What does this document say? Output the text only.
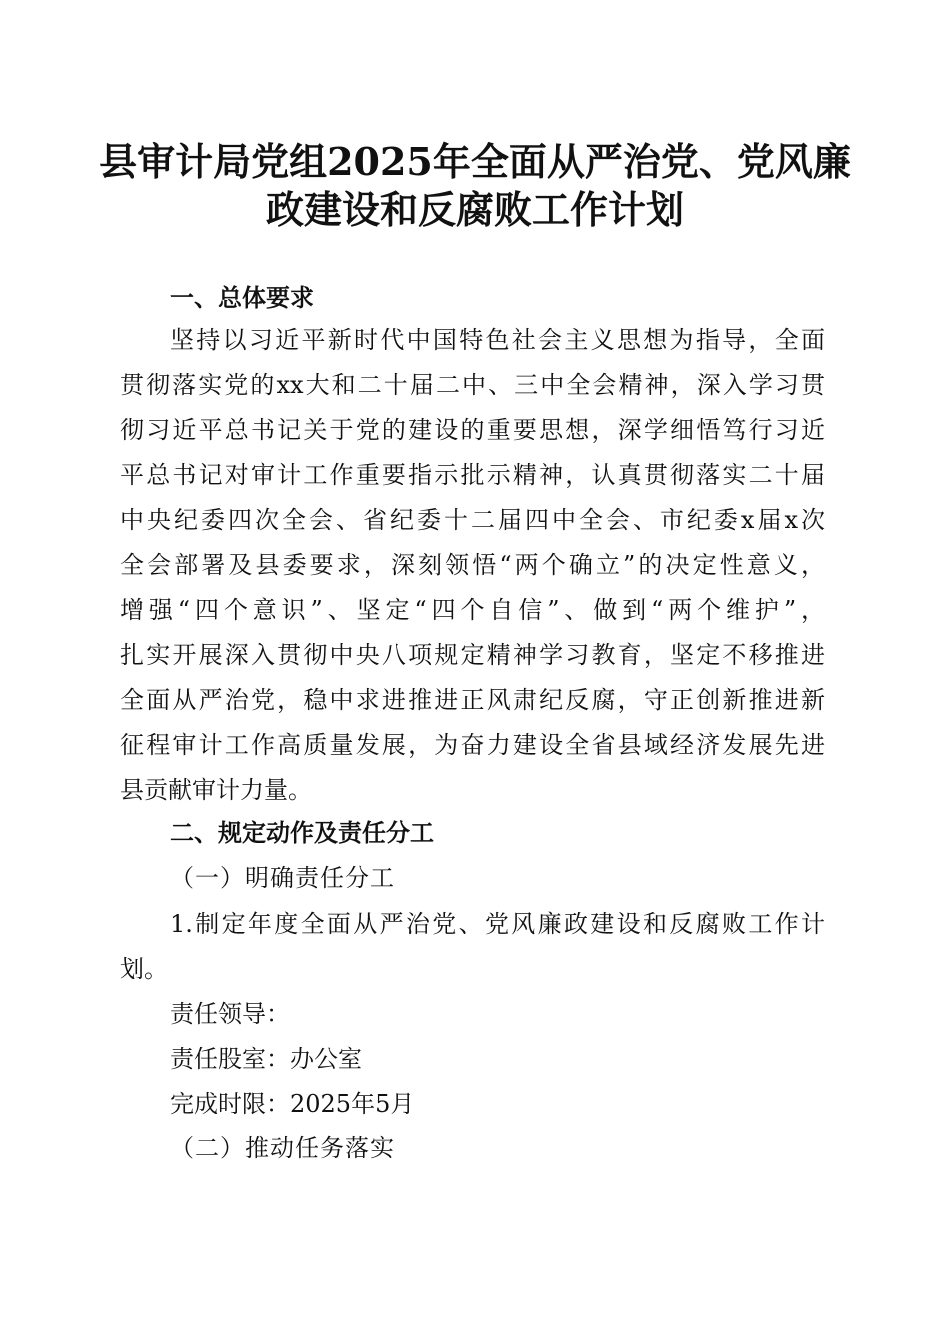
县审计局党组2025年全面从严治党、党风廉
政建设和反腐败工作计划
一、总体要求
坚持以习近平新时代中国特色社会主义思想为指导，全面
贯彻落实党的xx大和二十届二中、三中全会精神，深入学习贯
彻习近平总书记关于党的建设的重要思想，深学细悟笃行习近
平总书记对审计工作重要指示批示精神，认真贯彻落实二十届
中央纪委四次全会、省纪委十二届四中全会、市纪委x届x次
全会部署及县委要求，深刻领悟“两个确立”的决定性意义，
增强“四个意识”、坚定“四个自信”、做到“两个维护”，
扎实开展深入贯彻中央八项规定精神学习教育，坚定不移推进
全面从严治党，稳中求进推进正风肃纪反腐，守正创新推进新
征程审计工作高质量发展，为奋力建设全省县域经济发展先进
县贡献审计力量。
二、规定动作及责任分工
（一）明确责任分工
1.制定年度全面从严治党、党风廉政建设和反腐败工作计
划。
责任领导：
责任股室：办公室
完成时限：2025年5月
（二）推动任务落实
